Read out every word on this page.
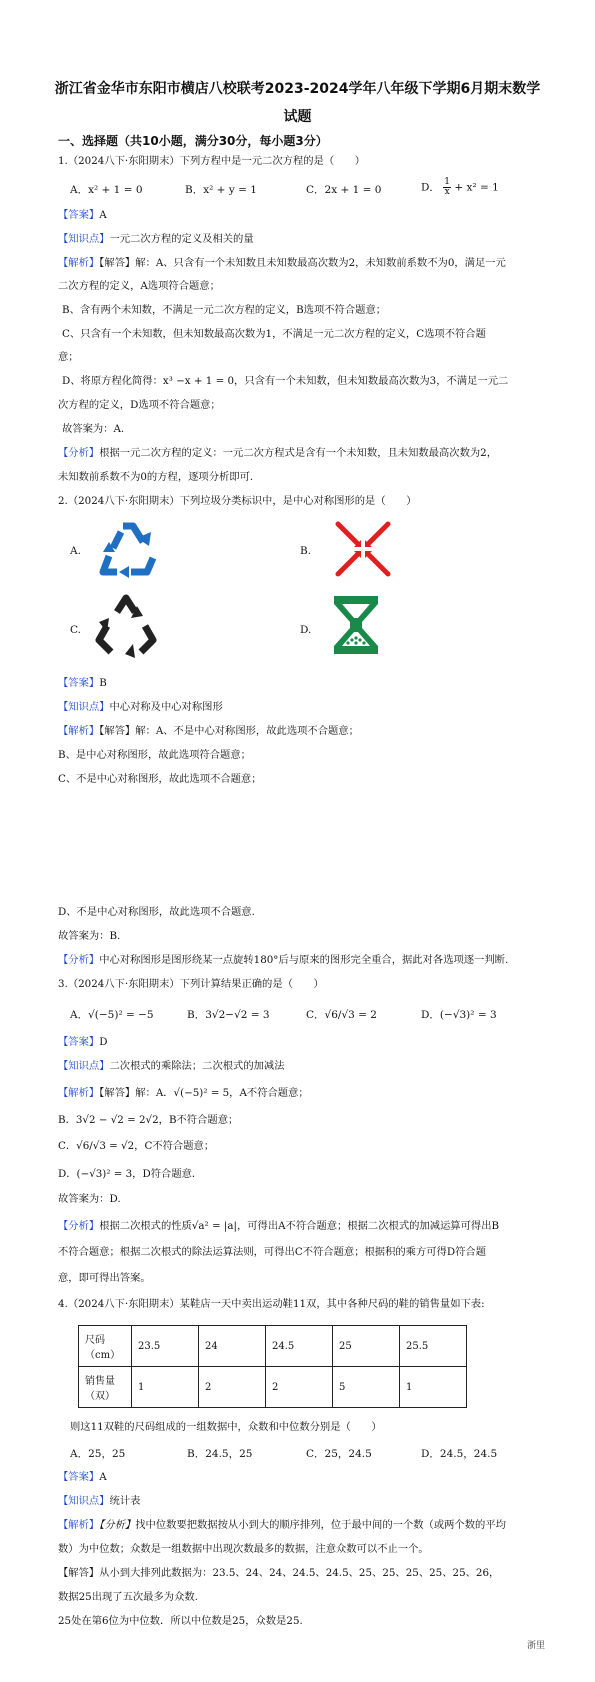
浙江省金华市东阳市横店八校联考2023-2024学年八年级下学期6月期末数学
试题
一、选择题（共10小题，满分30分，每小题3分）
1.（2024八下·东阳期末）下列方程中是一元二次方程的是（　　）
A．x² + 1 = 0	B．x² + y = 1	C．2x + 1 = 0	D． $\frac{1}{x} + x^2 = 1$
【答案】A
【知识点】一元二次方程的定义及相关的量
【解析】【解答】解：A、只含有一个未知数且未知数最高次数为2，未知数前系数不为0，满足一元
二次方程的定义，A选项符合题意；
B、含有两个未知数，不满足一元二次方程的定义，B选项不符合题意；
C、只含有一个未知数，但未知数最高次数为1，不满足一元二次方程的定义，C选项不符合题
意；
D、将原方程化简得：x³ −x + 1 = 0，只含有一个未知数，但未知数最高次数为3，不满足一元二
次方程的定义，D选项不符合题意；
故答案为：A.
【分析】根据一元二次方程的定义：一元二次方程式是含有一个未知数，且未知数最高次数为2，
未知数前系数不为0的方程，逐项分析即可.
2.（2024八下·东阳期末）下列垃圾分类标识中，是中心对称图形的是（　　）
A.	B.
C.	D.
【答案】B
【知识点】中心对称及中心对称图形
【解析】【解答】解：A、不是中心对称图形，故此选项不合题意；
B、是中心对称图形，故此选项符合题意；
C、不是中心对称图形，故此选项不合题意；
D、不是中心对称图形，故此选项不合题意.
故答案为：B.
【分析】中心对称图形是图形绕某一点旋转180°后与原来的图形完全重合，据此对各选项逐一判断.
3.（2024八下·东阳期末）下列计算结果正确的是（　　）
A．√(−5)² = −5	B．3√2−√2 = 3	C．√6/√3 = 2	D．(−√3)² = 3
【答案】D
【知识点】二次根式的乘除法；二次根式的加减法
【解析】【解答】解：A．√(−5)² = 5，A不符合题意；
B．3√2 − √2 = 2√2，B不符合题意；
C．√6/√3 = √2，C不符合题意；
D．(−√3)² = 3，D符合题意．
故答案为：D.
【分析】根据二次根式的性质√a² = |a|，可得出A不符合题意；根据二次根式的加减运算可得出B
不符合题意；根据二次根式的除法运算法则，可得出C不符合题意；根据积的乘方可得D符合题
意，即可得出答案。
4.（2024八下·东阳期末）某鞋店一天中卖出运动鞋11双，其中各种尺码的鞋的销售量如下表:
尺码
（cm）	23.5	24	24.5	25	25.5

销售量
（双）	1	2	2	5	1
则这11双鞋的尺码组成的一组数据中，众数和中位数分别是（　　）
A．25，25	B．24.5，25	C．25，24.5	D．24.5，24.5
【答案】A
【知识点】统计表
【解析】【分析】找中位数要把数据按从小到大的顺序排列，位于最中间的一个数（或两个数的平均
数）为中位数；众数是一组数据中出现次数最多的数据，注意众数可以不止一个。
【解答】从小到大排列此数据为：23.5、24、24、24.5、24.5、25、25、25、25、25、26，
数据25出现了五次最多为众数.
25处在第6位为中位数．所以中位数是25，众数是25.
浙里
